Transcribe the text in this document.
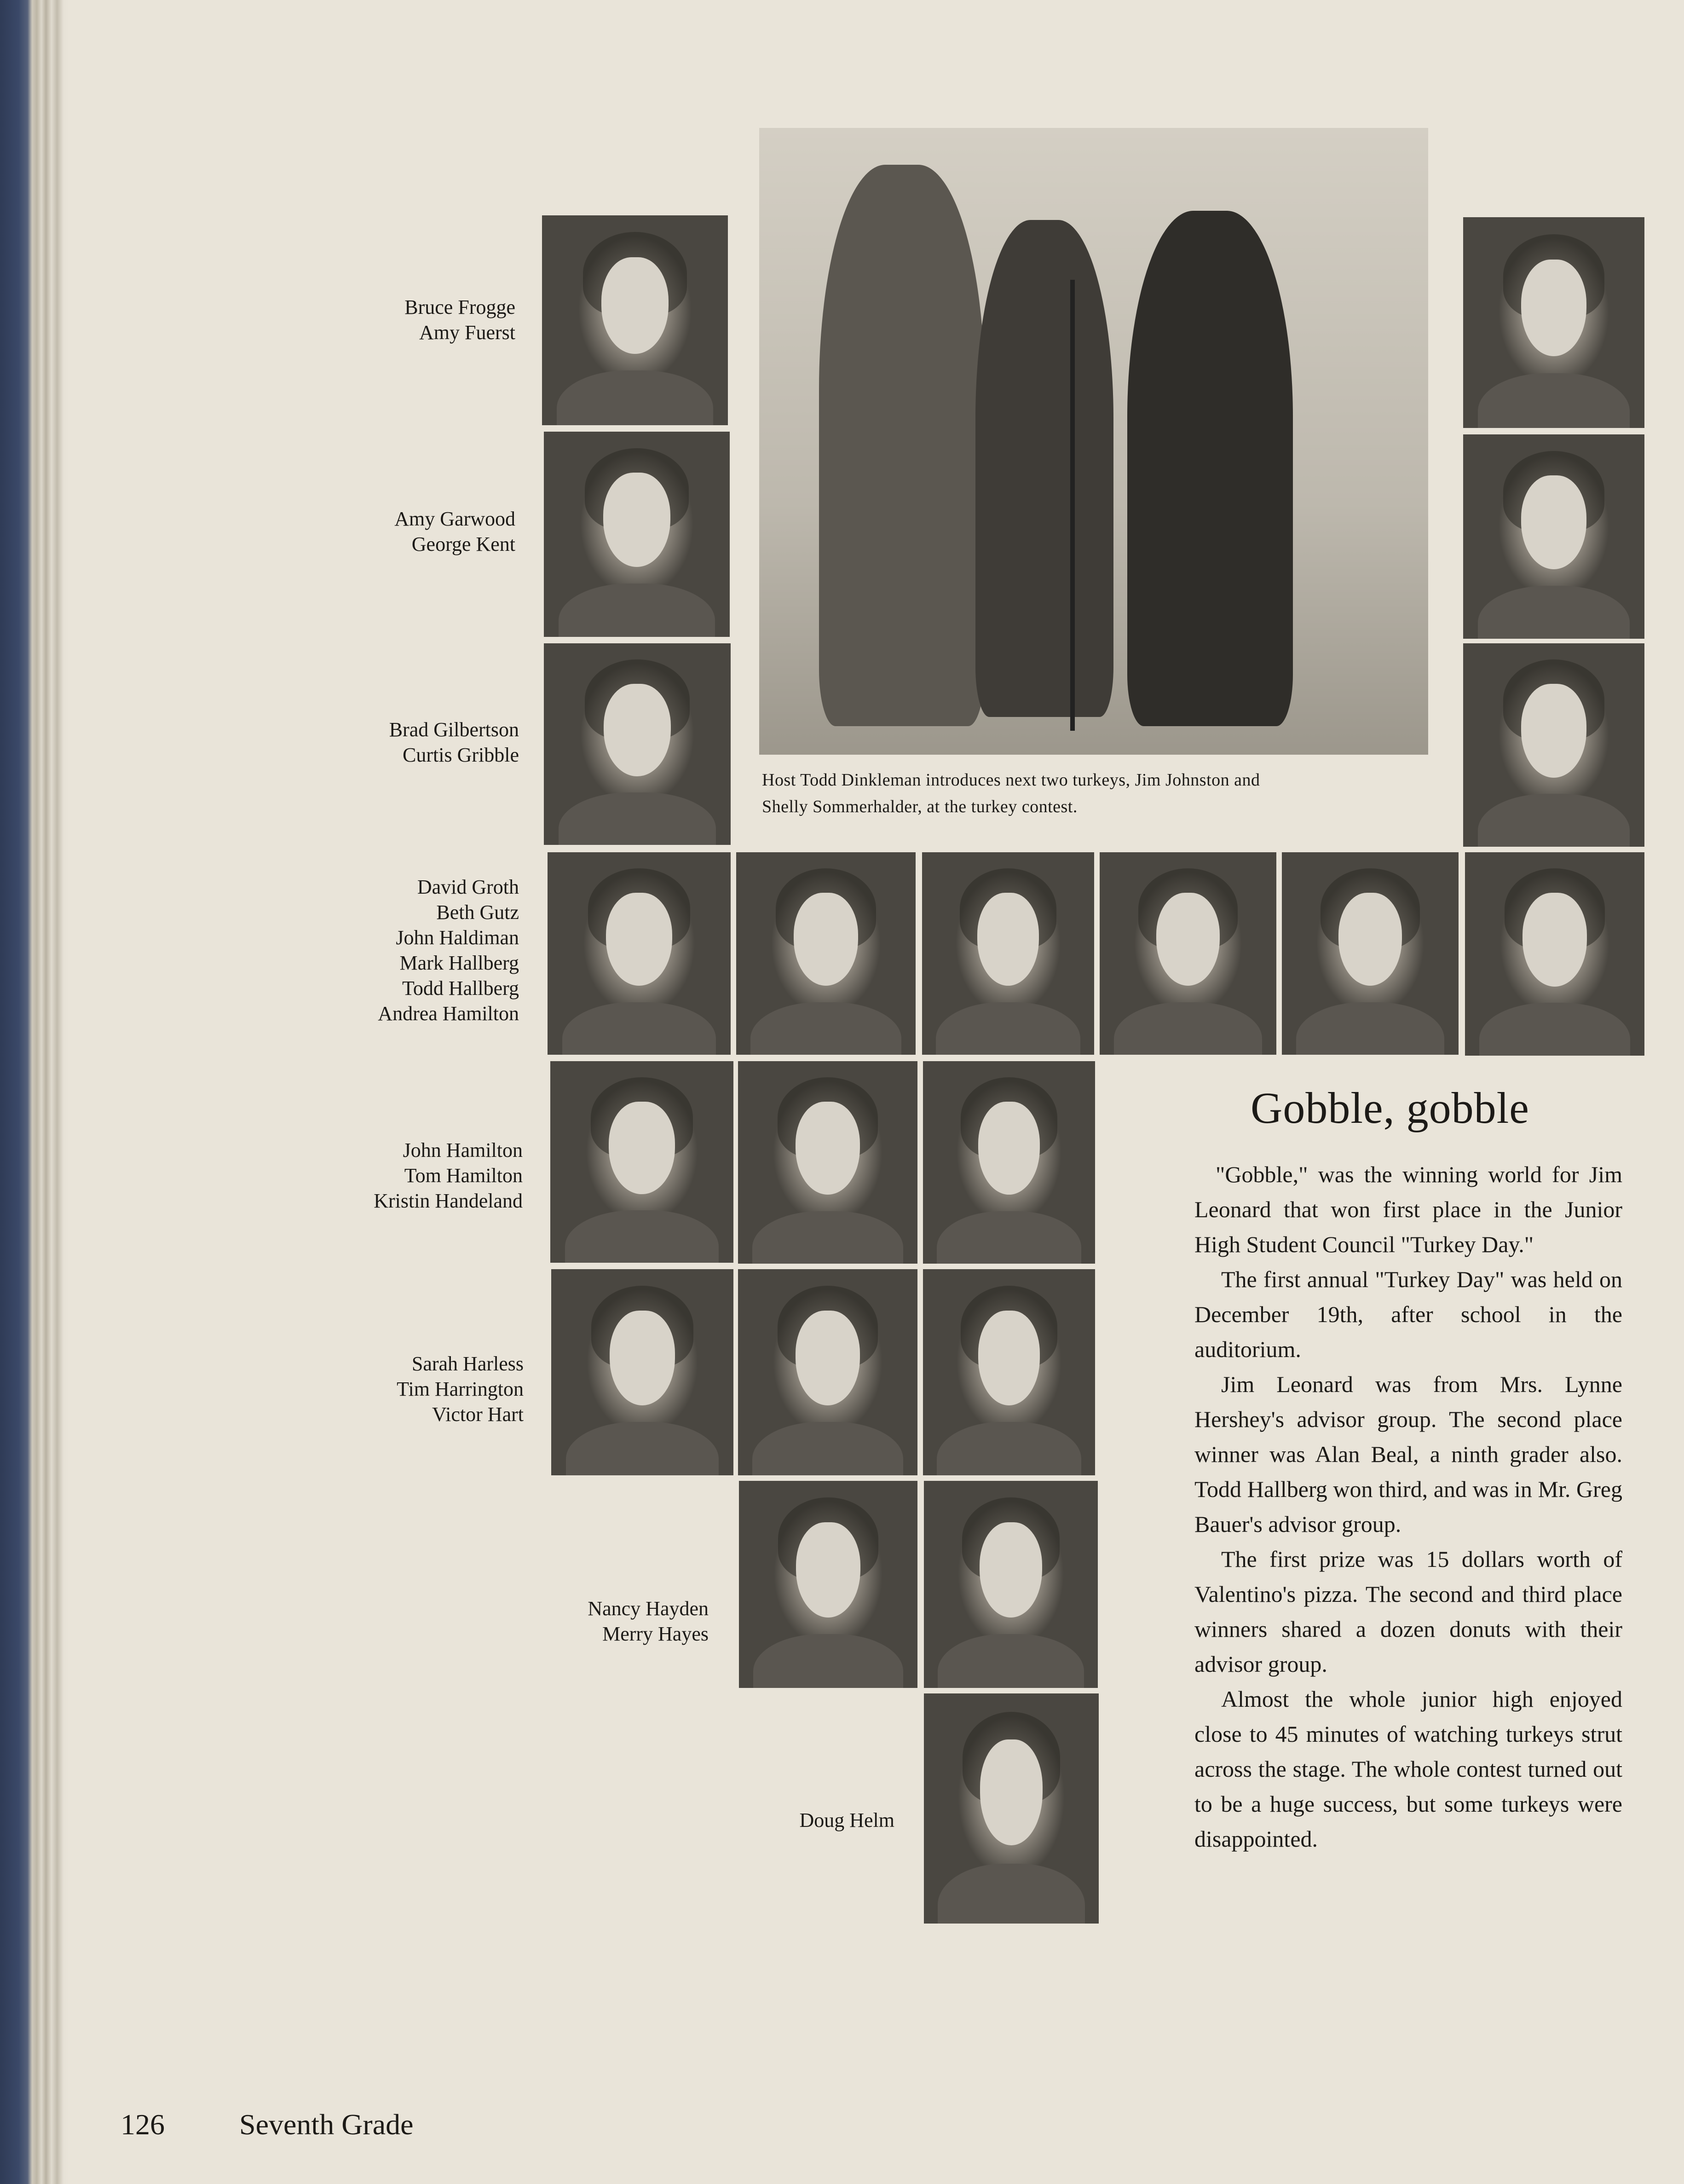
Bruce Frogge
Amy Fuerst
Amy Garwood
George Kent
Brad Gilbertson
Curtis Gribble
David Groth
Beth Gutz
John Haldiman
Mark Hallberg
Todd Hallberg
Andrea Hamilton
John Hamilton
Tom Hamilton
Kristin Handeland
Sarah Harless
Tim Harrington
Victor Hart
Nancy Hayden
Merry Hayes
Doug Helm
Host Todd Dinkleman introduces next two turkeys, Jim Johnston and
Shelly Sommerhalder, at the turkey contest.
Gobble, gobble

"Gobble," was the winning world for Jim Leonard that won first place in the Junior High Student Council "Turkey Day."

The first annual "Turkey Day" was held on December 19th, after school in the auditorium.

Jim Leonard was from Mrs. Lynne Hershey's advisor group. The second place winner was Alan Beal, a ninth grader also. Todd Hallberg won third, and was in Mr. Greg Bauer's advisor group.

The first prize was 15 dollars worth of Valentino's pizza. The second and third place winners shared a dozen donuts with their advisor group.

Almost the whole junior high enjoyed close to 45 minutes of watching turkeys strut across the stage. The whole contest turned out to be a huge success, but some turkeys were disappointed.

126	Seventh Grade
